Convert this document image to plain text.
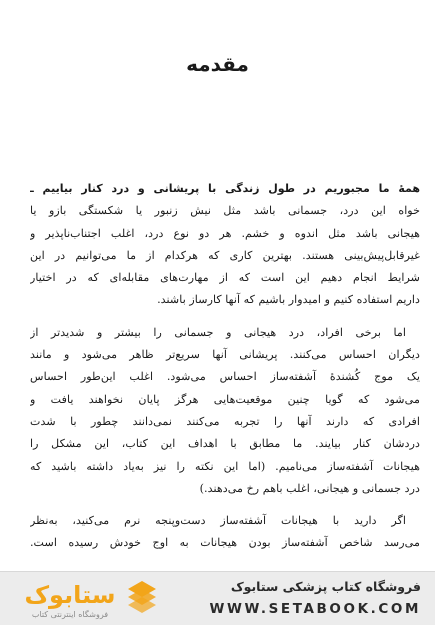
مقدمه
همهٔ ما مجبوریم در طول زندگی با پریشانی و درد کنار بیاییم ـ
خواه این درد، جسمانی باشد مثل نیش زنبور یا شکستگی بازو یا
هیجانی باشد مثل اندوه و خشم. هر دو نوع درد، اغلب اجتناب‌ناپذیر و
غیرقابل‌پیش‌بینی هستند. بهترین کاری که هرکدام از ما می‌توانیم در این
شرایط انجام دهیم این است که از مهارت‌های مقابله‌ای که در اختیار
داریم استفاده کنیم و امیدوار باشیم که آنها کارساز باشند.
اما برخی افراد، درد هیجانی و جسمانی را بیشتر و شدیدتر از
دیگران احساس می‌کنند. پریشانی آنها سریع‌تر ظاهر می‌شود و مانند
یک موج کُشندهٔ آشفته‌ساز احساس می‌شود. اغلب این‌طور احساس
می‌شود که گویا چنین موقعیت‌هایی هرگز پایان نخواهند یافت و
افرادی که دارند آنها را تجربه می‌کنند نمی‌دانند چطور با شدت
دردشان کنار بیایند. ما مطابق با اهداف این کتاب، این مشکل را
هیجانات آشفته‌ساز می‌نامیم. (اما این نکته را نیز به‌یاد داشته باشید که
درد جسمانی و هیجانی، اغلب باهم رخ می‌دهند.)
اگر دارید با هیجانات آشفته‌ساز دست‌وپنجه نرم می‌کنید، به‌نظر
می‌رسد شاخص آشفته‌ساز بودن هیجانات به اوج خودش رسیده است.
ستابوک
فروشگاه اینترنتی کتاب
فروشگاه کتاب پزشکی ستابوک
WWW.SETABOOK.COM
